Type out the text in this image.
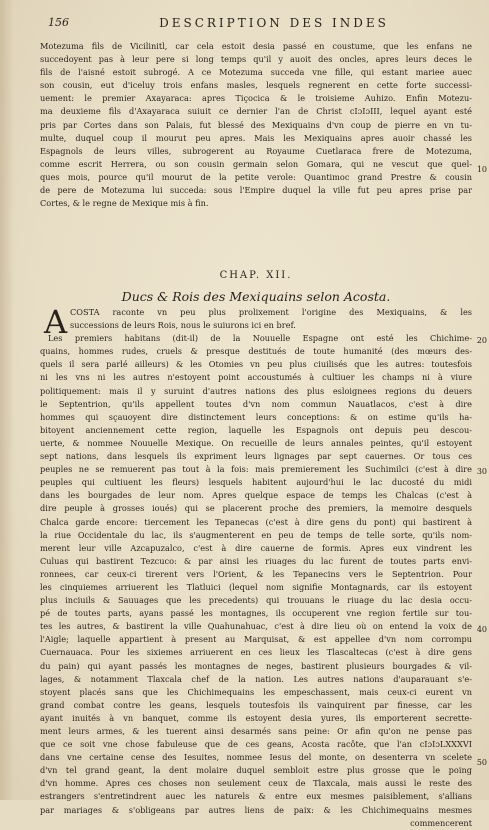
156	DESCRIPTION DES INDES
Motezuma fils de Vicilinitl, car cela estoit desia passé en coustume, que les enfans ne
succedoyent pas à leur pere si long temps qu'il y auoit des oncles, apres leurs deces le
fils de l'aisné estoit subrogé. A ce Motezuma succeda vne fille, qui estant mariee auec
son cousin, eut d'iceluy trois enfans masles, lesquels regnerent en cette forte successi-
uement: le premier Axayaraca: apres Tiçocica & le troisieme Auhizo. Enfin Motezu-
ma deuxieme fils d'Axayaraca suiuit ce dernier l'an de Christ cIɔIɔIII, lequel ayant esté
pris par Cortes dans son Palais, fut blessé des Mexiquains d'vn coup de pierre en vn tu-
multe, duquel coup il mourut peu apres. Mais les Mexiquains apres auoir chassé les
Espagnols de leurs villes, subrogerent au Royaume Cuetlaraca frere de Motezuma,
comme escrit Herrera, ou son cousin germain selon Gomara, qui ne vescut que quel-
ques mois, pource qu'il mourut de la petite verole: Quantimoc grand Prestre & cousin
de pere de Motezuma lui succeda: sous l'Empire duquel la ville fut peu apres prise par
Cortes, & le regne de Mexique mis à fin.
CHAP. XII.
Ducs & Rois des Mexiquains selon Acosta.
A COSTA raconte vn peu plus prolixement l'origine des Mexiquains, & les
successions de leurs Rois, nous le suiurons ici en bref.
Les premiers habitans (dit-il) de la Nouuelle Espagne ont esté les Chichime-
quains, hommes rudes, cruels & presque destitués de toute humanité (des mœurs des-
quels il sera parlé ailleurs) & les Otomies vn peu plus ciuilisés que les autres: toutesfois
ni les vns ni les autres n'estoyent point accoustumés à cultiuer les champs ni à viure
politiquement: mais il y suruint d'autres nations des plus esloignees regions du deuers
le Septentrion, qu'ils appellent toutes d'vn nom commun Nauatlacos, c'est à dire
hommes qui sçauoyent dire distinctement leurs conceptions: & on estime qu'ils ha-
bitoyent anciennement cette region, laquelle les Espagnols ont depuis peu descou-
uerte, & nommee Nouuelle Mexique. On recueille de leurs annales peintes, qu'il estoyent
sept nations, dans lesquels ils expriment leurs lignages par sept cauernes. Or tous ces
peuples ne se remuerent pas tout à la fois: mais premierement les Suchimilci (c'est à dire
peuples qui cultiuent les fleurs) lesquels habitent aujourd'hui le lac ducosté du midi
dans les bourgades de leur nom. Apres quelque espace de temps les Chalcas (c'est à
dire peuple à grosses ioués) qui se placerent proche des premiers, la memoire desquels
Chalca garde encore: tiercement les Tepanecas (c'est à dire gens du pont) qui bastirent à
la riue Occidentale du lac, ils s'augmenterent en peu de temps de telle sorte, qu'ils nom-
merent leur ville Azcapuzalco, c'est à dire cauerne de formis. Apres eux vindrent les
Culuas qui bastirent Tezcuco: & par ainsi les riuages du lac furent de toutes parts envi-
ronnees, car ceux-ci tirerent vers l'Orient, & les Tepanecins vers le Septentrion. Pour
les cinquiemes arriuerent les Tlatluici (lequel nom signifie Montagnards, car ils estoyent
plus inciuils & Sauuages que les precedents) qui trouuans le riuage du lac desia occu-
pé de toutes parts, ayans passé les montagnes, ils occuperent vne region fertile sur tou-
tes les autres, & bastirent la ville Quahunahuac, c'est à dire lieu où on entend la voix de
l'Aigle; laquelle appartient à present au Marquisat, & est appellee d'vn nom corrompu
Cuernauaca. Pour les sixiemes arriuerent en ces lieux les Tlascaltecas (c'est à dire gens
du pain) qui ayant passés les montagnes de neges, bastirent plusieurs bourgades & vil-
lages, & notamment Tlaxcala chef de la nation. Les autres nations d'auparauant s'e-
stoyent placés sans que les Chichimequains les empeschassent, mais ceux-ci eurent vn
grand combat contre les geans, lesquels toutesfois ils vainquirent par finesse, car les
ayant inuités à vn banquet, comme ils estoyent desia yures, ils emporterent secrette-
ment leurs armes, & les tuerent ainsi desarmés sans peine: Or afin qu'on ne pense pas
que ce soit vne chose fabuleuse que de ces geans, Acosta racôte, que l'an cIɔIɔLXXXVI
dans vne certaine cense des Iesuites, nommee Iesus del monte, on desenterra vn scelete
d'vn tel grand geant, la dent molaire duquel sembloit estre plus grosse que le poing
d'vn homme. Apres ces choses non seulement ceux de Tlaxcala, mais aussi le reste des
estrangers s'entretindrent auec les naturels & entre eux mesmes paisiblement, s'allians
par mariages & s'obligeans par autres liens de paix: & les Chichimequains mesmes
commencerent
10
20
30
40
50
